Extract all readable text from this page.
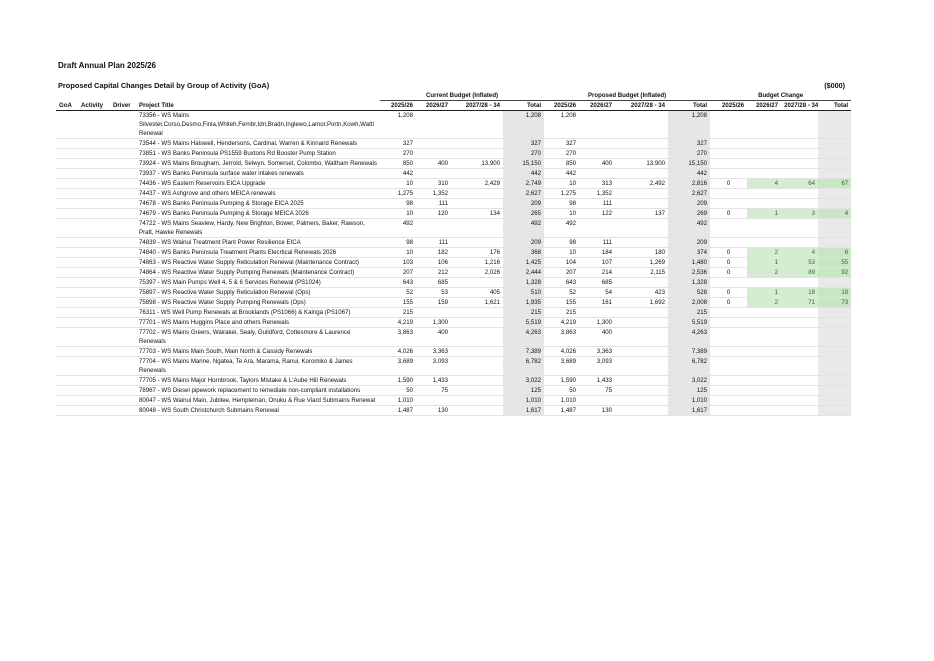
Draft Annual Plan 2025/26
Proposed Capital Changes Detail by Group of Activity (GoA)	($000)
				Current Budget (Inflated)				Proposed Budget (Inflated)				Budget Change			
GoA	Activity	Driver	Project Title	2025/26	2026/27	2027/28 - 34	Total	2025/26	2026/27	2027/28 - 34	Total	2025/26	2026/27	2027/28 - 34	Total
			73356 - WS Mains Silvester,Corso,Desmo,Finla,Whiteh,Fernbr,Idri,Bradn,Inglewo,Lamor,Portn,Kowh,Wattl Renewal	1,208			1,208	1,208			1,208				
			73544 - WS Mains Halswell, Hendersons, Cardinal, Warren & Kinnaird Renewals	327			327	327			327				
			73851 - WS Banks Peninsula PS1559 Buxtons Rd Booster Pump Station	270			270	270			270				
			73924 - WS Mains Brougham, Jerrold, Selwyn, Somerset, Colombo, Waltham Renewals	850	400	13,900	15,150	850	400	13,900	15,150				
			73937 - WS Banks Peninsula surface water intakes renewals	442			442	442			442				
			74436 - WS Eastern Reservoirs EICA Upgrade	10	310	2,429	2,749	10	313	2,492	2,816	0	4	64	67
			74437 - WS Ashgrove and others MEICA renewals	1,275	1,352		2,627	1,275	1,352		2,627				
			74678 - WS Banks Peninsula Pumping & Storage EICA 2025	98	111		209	98	111		209				
			74679 - WS Banks Peninsula Pumping & Storage MEICA 2026	10	120	134	265	10	122	137	269	0	1	3	4
			74722 - WS Mains Seaview, Hardy, New Brighton, Bower, Palmers, Baker, Rawson, Pratt, Hawke Renewals	492			492	492			492				
			74839 - WS Wainui Treatment Plant Power Resilience EICA	98	111		209	98	111		209				
			74840 - WS Banks Peninsula Treatment Plants Elecrtical Renewals 2026	10	182	176	368	10	184	180	374	0	2	4	6
			74863 - WS Reactive Water Supply Reticulation Renewal (Maintenance Contract)	103	106	1,216	1,425	104	107	1,269	1,480	0	1	53	55
			74864 - WS Reactive Water Supply Pumping Renewals (Maintenance Contract)	207	212	2,026	2,444	207	214	2,115	2,536	0	2	89	92
			75397 - WS Main Pumps Well 4, 5 & 6 Services Renewal (PS1024)	643	685		1,328	643	685		1,328				
			75897 - WS Reactive Water Supply Reticulation Renewal (Ops)	52	53	405	510	52	54	423	528	0	1	18	18
			75898 - WS Reactive Water Supply Pumping Renewals (Ops)	155	159	1,621	1,935	155	161	1,692	2,008	0	2	71	73
			76311 - WS Well Pump Renewals at Brooklands (PS1066) & Kainga (PS1067)	215			215	215			215				
			77701 - WS Mains Huggins Place and others Renewals	4,219	1,300		5,519	4,219	1,300		5,519				
			77702 - WS Mains Greers, Wairakei, Sealy, Guildford, Cottesmore & Laurence Renewals	3,863	400		4,263	3,863	400		4,263				
			77703 - WS Mains Main South, Main North & Cassidy Renewals	4,026	3,363		7,389	4,026	3,363		7,389				
			77704 - WS Mains Marine, Ngatea, Te Ara, Marama, Ranui, Koromiko & James Renewals	3,689	3,093		6,782	3,689	3,093		6,782				
			77705 - WS Mains Major Hornbrook, Taylors Mistake & L'Aube Hill Renewals	1,590	1,433		3,022	1,590	1,433		3,022				
			78967 - WS Diesel pipework replacement to remediate non-compliant installations	50	75		125	50	75		125				
			80047 - WS Wainui Main, Jubilee, Hempleman, Onuku & Rue Viard Submains Renewal	1,010			1,010	1,010			1,010				
			80048 - WS South Christchurch Submains Renewal	1,487	130		1,617	1,487	130		1,617				
